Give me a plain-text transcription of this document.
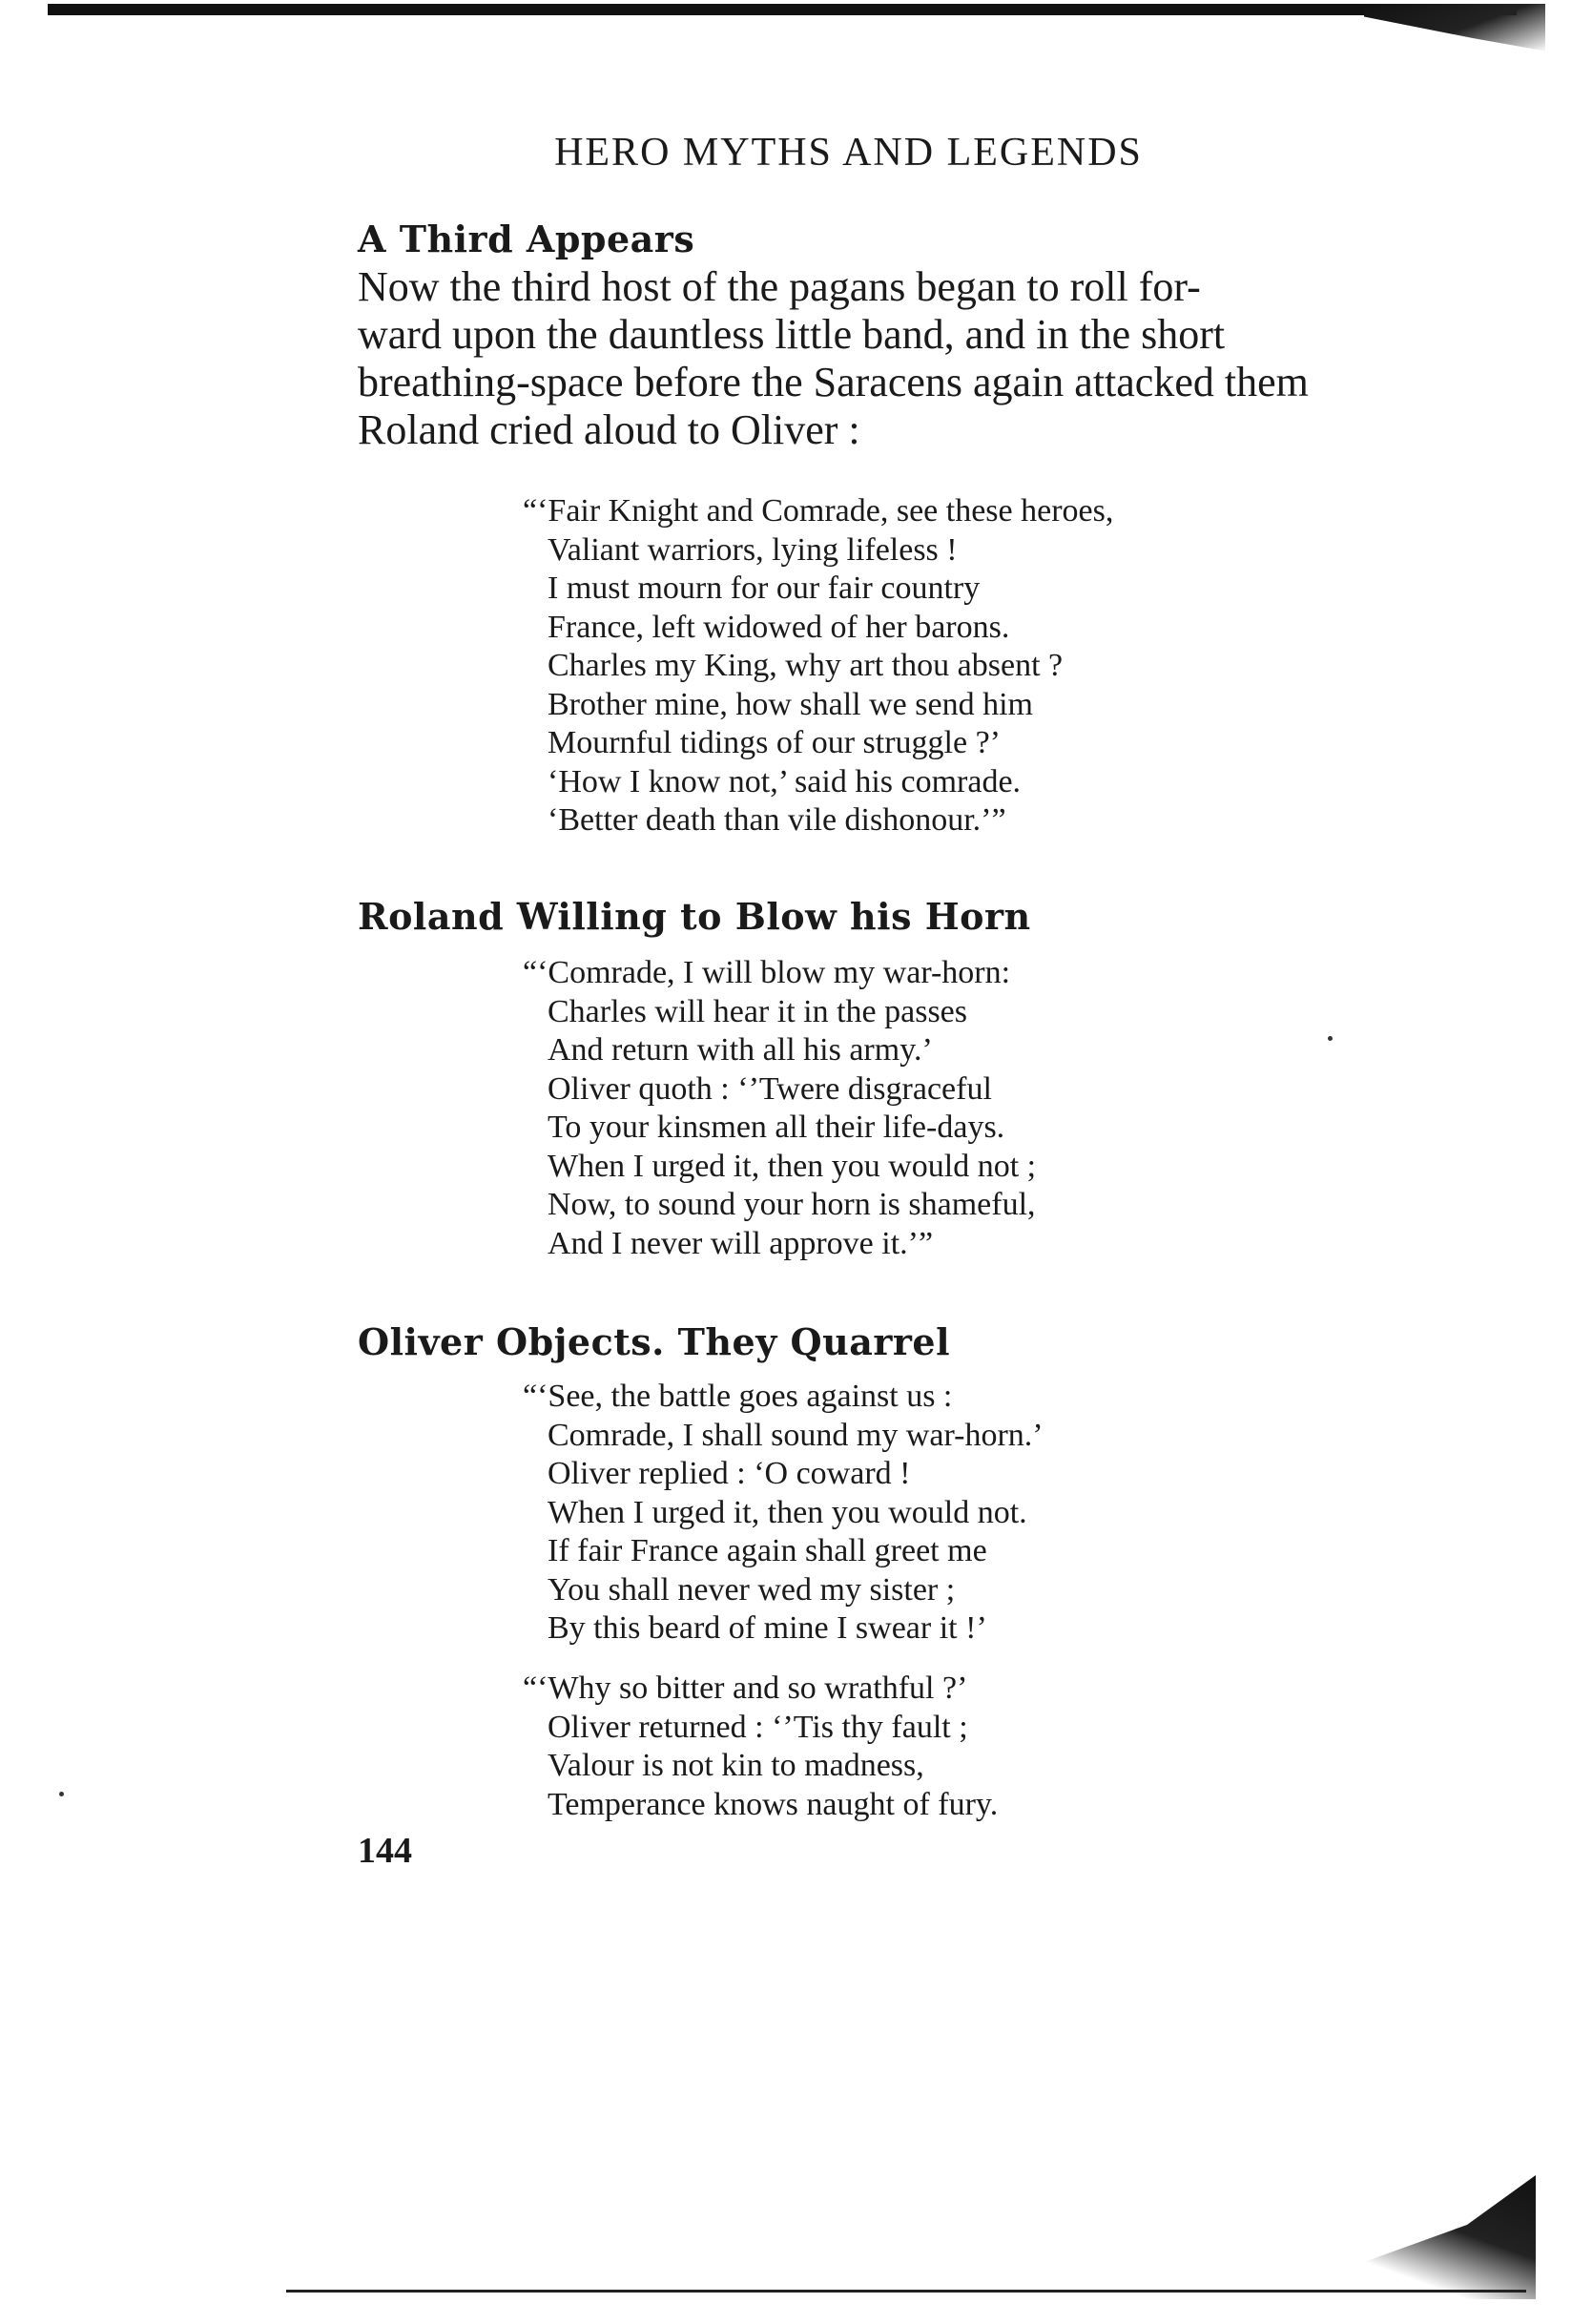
HERO MYTHS AND LEGENDS
A Third Appears
Now the third host of the pagans began to roll for-
ward upon the dauntless little band, and in the short
breathing-space before the Saracens again attacked them
Roland cried aloud to Oliver :
“‘Fair Knight and Comrade, see these heroes,
Valiant warriors, lying lifeless !
I must mourn for our fair country
France, left widowed of her barons.
Charles my King, why art thou absent ?
Brother mine, how shall we send him
Mournful tidings of our struggle ?’
‘How I know not,’ said his comrade.
‘Better death than vile dishonour.’”
Roland Willing to Blow his Horn
“‘Comrade, I will blow my war-horn:
Charles will hear it in the passes
And return with all his army.’
Oliver quoth : ‘’Twere disgraceful
To your kinsmen all their life-days.
When I urged it, then you would not ;
Now, to sound your horn is shameful,
And I never will approve it.’”
Oliver Objects. They Quarrel
“‘See, the battle goes against us :
Comrade, I shall sound my war-horn.’
Oliver replied : ‘O coward !
When I urged it, then you would not.
If fair France again shall greet me
You shall never wed my sister ;
By this beard of mine I swear it !’
“‘Why so bitter and so wrathful ?’
Oliver returned : ‘’Tis thy fault ;
Valour is not kin to madness,
Temperance knows naught of fury.
144
